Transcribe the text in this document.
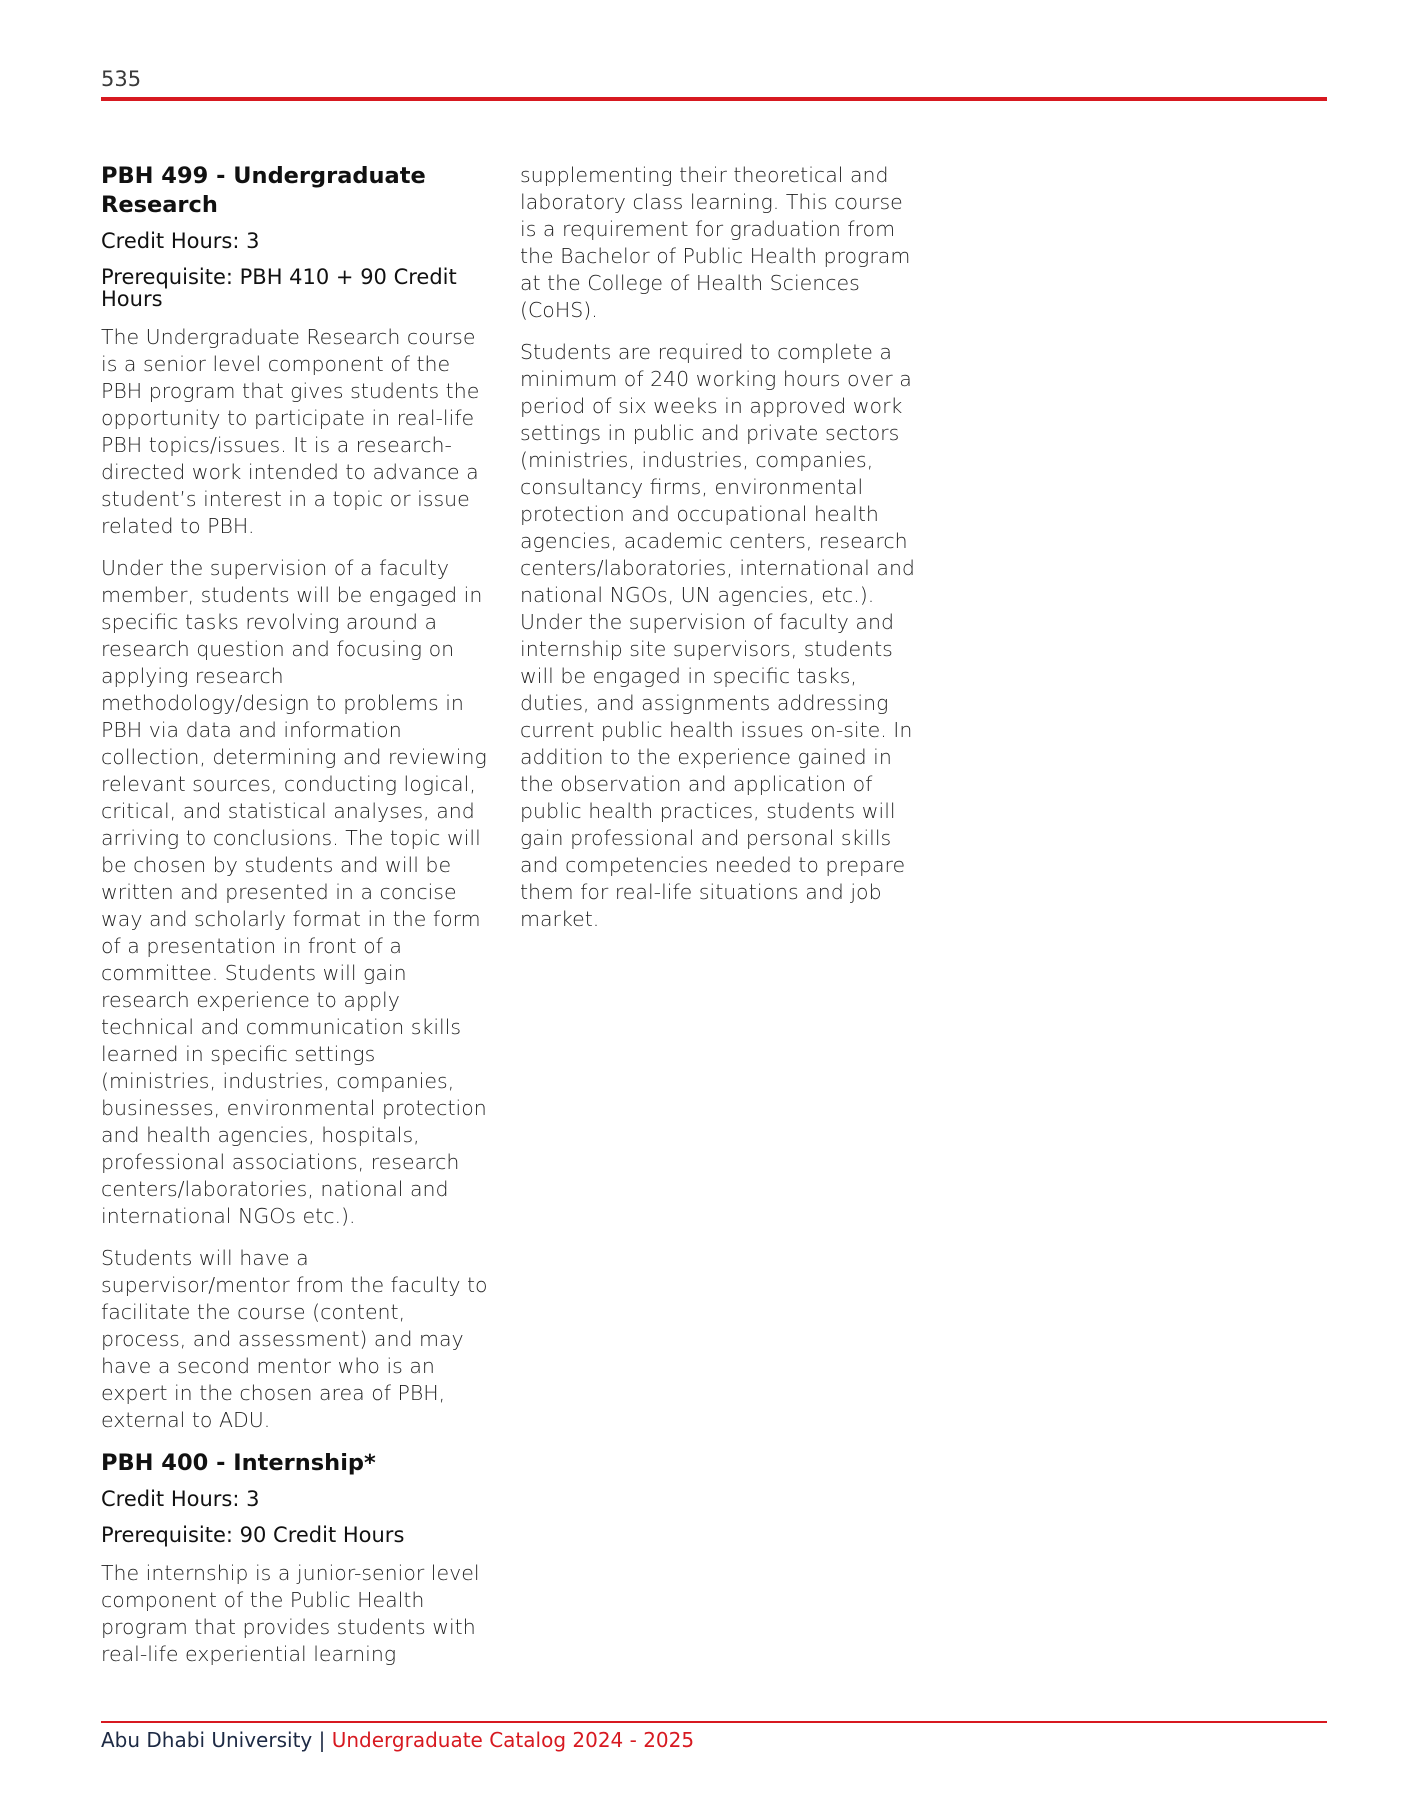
535
PBH 499 - Undergraduate Research
Credit Hours: 3
Prerequisite: PBH 410 + 90 Credit Hours

The Undergraduate Research course is a senior level component of the PBH program that gives students the opportunity to participate in real-life PBH topics/issues. It is a research-directed work intended to advance a student’s interest in a topic or issue related to PBH.

Under the supervision of a faculty member, students will be engaged in specific tasks revolving around a research question and focusing on applying research methodology/design to problems in PBH via data and information collection, determining and reviewing relevant sources, conducting logical, critical, and statistical analyses, and arriving to conclusions. The topic will be chosen by students and will be written and presented in a concise way and scholarly format in the form of a presentation in front of a committee. Students will gain research experience to apply technical and communication skills learned in specific settings (ministries, industries, companies, businesses, environmental protection and health agencies, hospitals, professional associations, research centers/laboratories, national and international NGOs etc.).

Students will have a supervisor/mentor from the faculty to facilitate the course (content, process, and assessment) and may have a second mentor who is an expert in the chosen area of PBH, external to ADU.

PBH 400 - Internship*
Credit Hours: 3
Prerequisite: 90 Credit Hours

The internship is a junior-senior level component of the Public Health program that provides students with real-life experiential learning

supplementing their theoretical and laboratory class learning. This course is a requirement for graduation from the Bachelor of Public Health program at the College of Health Sciences (CoHS).

Students are required to complete a minimum of 240 working hours over a period of six weeks in approved work settings in public and private sectors (ministries, industries, companies, consultancy firms, environmental protection and occupational health agencies, academic centers, research centers/laboratories, international and national NGOs, UN agencies, etc.). Under the supervision of faculty and internship site supervisors, students will be engaged in specific tasks, duties, and assignments addressing current public health issues on-site. In addition to the experience gained in the observation and application of public health practices, students will gain professional and personal skills and competencies needed to prepare them for real-life situations and job market.

Abu Dhabi University | Undergraduate Catalog 2024 - 2025
